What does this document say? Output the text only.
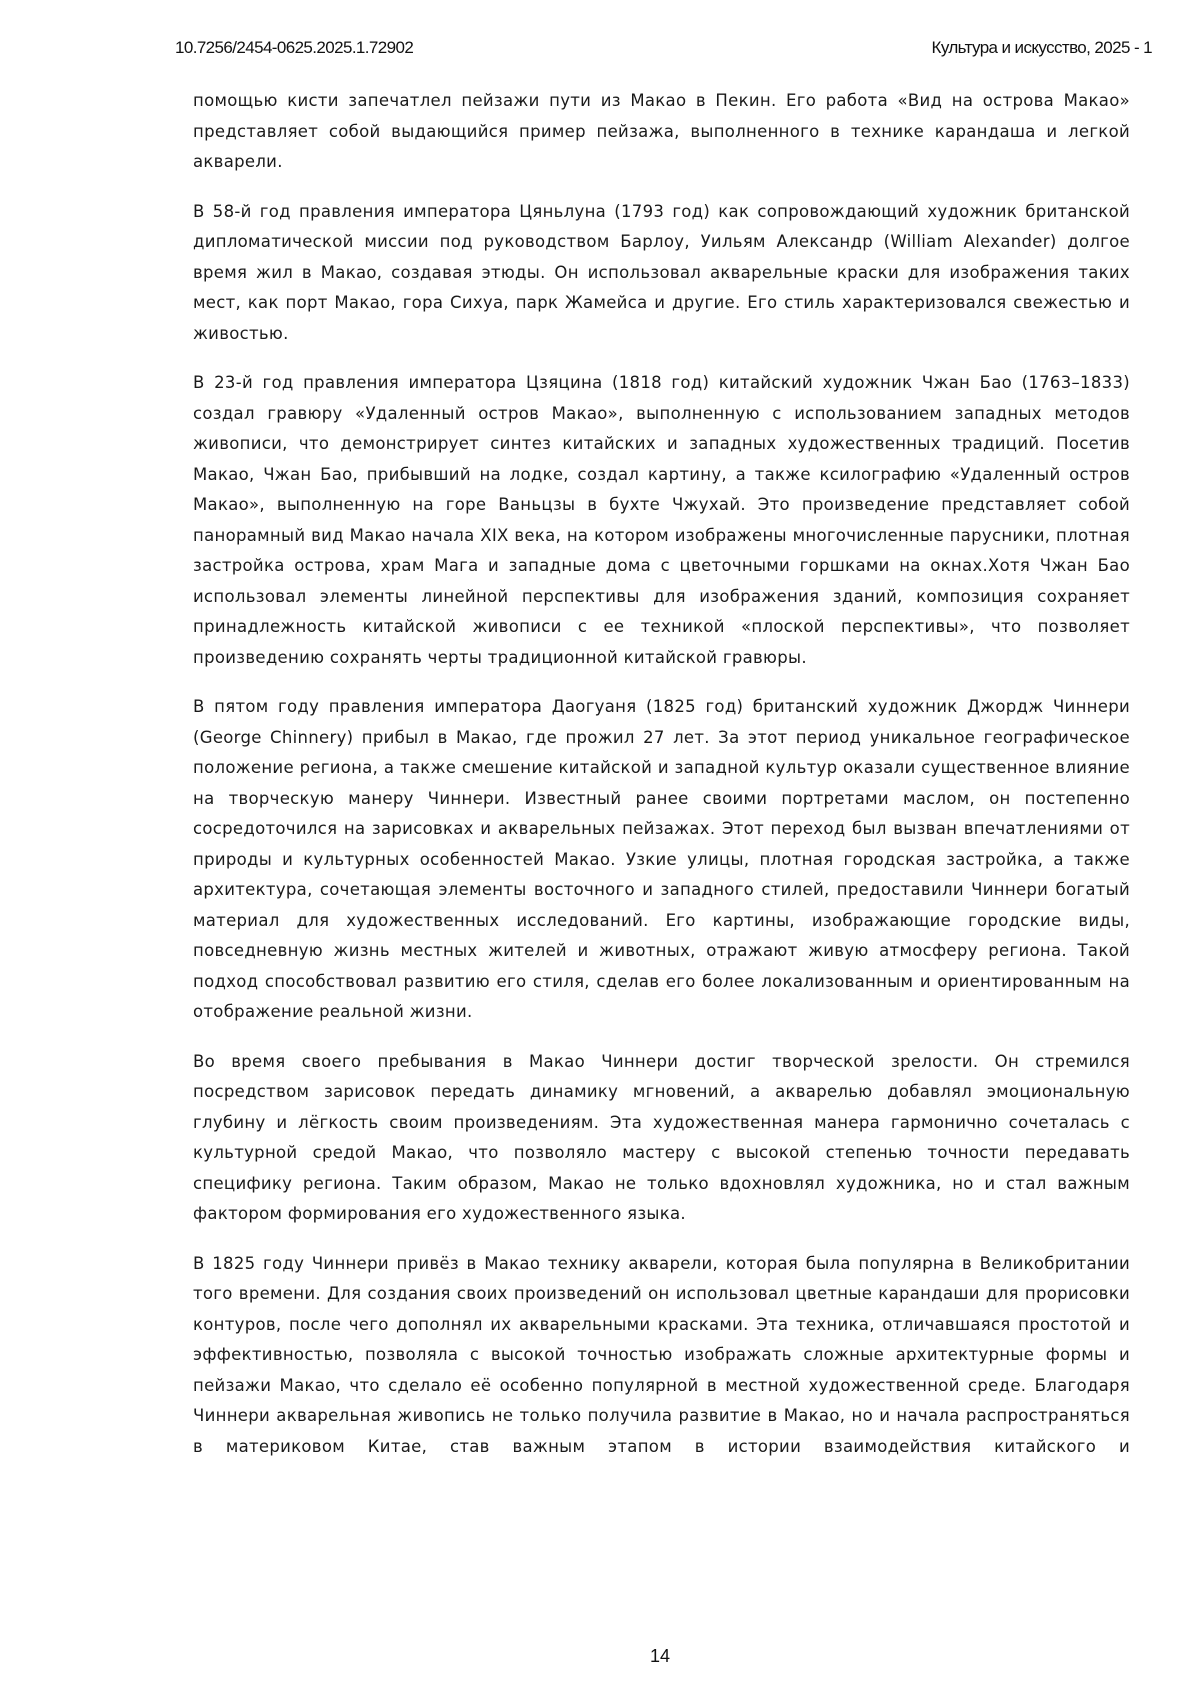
10.7256/2454-0625.2025.1.72902	Культура и искусство, 2025 - 1

помощью кисти запечатлел пейзажи пути из Макао в Пекин. Его работа «Вид на острова Макао» представляет собой выдающийся пример пейзажа, выполненного в технике карандаша и легкой акварели.

В 58-й год правления императора Цяньлуна (1793 год) как сопровождающий художник британской дипломатической миссии под руководством Барлоу, Уильям Александр (William Alexander) долгое время жил в Макао, создавая этюды. Он использовал акварельные краски для изображения таких мест, как порт Макао, гора Сихуа, парк Жамейса и другие. Его стиль характеризовался свежестью и живостью.

В 23-й год правления императора Цзяцина (1818 год) китайский художник Чжан Бао (1763–1833) создал гравюру «Удаленный остров Макао», выполненную с использованием западных методов живописи, что демонстрирует синтез китайских и западных художественных традиций. Посетив Макао, Чжан Бао, прибывший на лодке, создал картину, а также ксилографию «Удаленный остров Макао», выполненную на горе Ваньцзы в бухте Чжухай. Это произведение представляет собой панорамный вид Макао начала XIX века, на котором изображены многочисленные парусники, плотная застройка острова, храм Мага и западные дома с цветочными горшками на окнах.Хотя Чжан Бао использовал элементы линейной перспективы для изображения зданий, композиция сохраняет принадлежность китайской живописи с ее техникой «плоской перспективы», что позволяет произведению сохранять черты традиционной китайской гравюры.

В пятом году правления императора Даогуаня (1825 год) британский художник Джордж Чиннери (George Chinnery) прибыл в Макао, где прожил 27 лет. За этот период уникальное географическое положение региона, а также смешение китайской и западной культур оказали существенное влияние на творческую манеру Чиннери. Известный ранее своими портретами маслом, он постепенно сосредоточился на зарисовках и акварельных пейзажах. Этот переход был вызван впечатлениями от природы и культурных особенностей Макао. Узкие улицы, плотная городская застройка, а также архитектура, сочетающая элементы восточного и западного стилей, предоставили Чиннери богатый материал для художественных исследований. Его картины, изображающие городские виды, повседневную жизнь местных жителей и животных, отражают живую атмосферу региона. Такой подход способствовал развитию его стиля, сделав его более локализованным и ориентированным на отображение реальной жизни.

Во время своего пребывания в Макао Чиннери достиг творческой зрелости. Он стремился посредством зарисовок передать динамику мгновений, а акварелью добавлял эмоциональную глубину и лёгкость своим произведениям. Эта художественная манера гармонично сочеталась с культурной средой Макао, что позволяло мастеру с высокой степенью точности передавать специфику региона. Таким образом, Макао не только вдохновлял художника, но и стал важным фактором формирования его художественного языка.

В 1825 году Чиннери привёз в Макао технику акварели, которая была популярна в Великобритании того времени. Для создания своих произведений он использовал цветные карандаши для прорисовки контуров, после чего дополнял их акварельными красками. Эта техника, отличавшаяся простотой и эффективностью, позволяла с высокой точностью изображать сложные архитектурные формы и пейзажи Макао, что сделало её особенно популярной в местной художественной среде. Благодаря Чиннери акварельная живопись не только получила развитие в Макао, но и начала распространяться в материковом Китае, став важным этапом в истории взаимодействия китайского и

14
